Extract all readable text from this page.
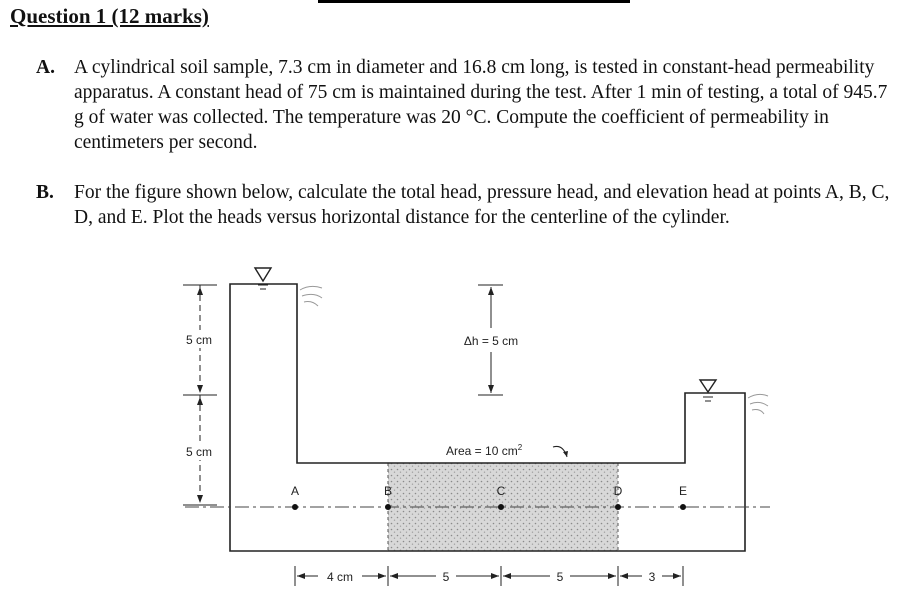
Question 1 (12 marks)
A. A cylindrical soil sample, 7.3 cm in diameter and 16.8 cm long, is tested in constant-head permeability apparatus. A constant head of 75 cm is maintained during the test. After 1 min of testing, a total of 945.7 g of water was collected. The temperature was 20 °C. Compute the coefficient of permeability in centimeters per second.
B. For the figure shown below, calculate the total head, pressure head, and elevation head at points A, B, C, D, and E. Plot the heads versus horizontal distance for the centerline of the cylinder.
5 cm
5 cm
Δh = 5 cm
Area = 10 $cm^2$
A	B	C	D	E
4 cm	5	5	3
